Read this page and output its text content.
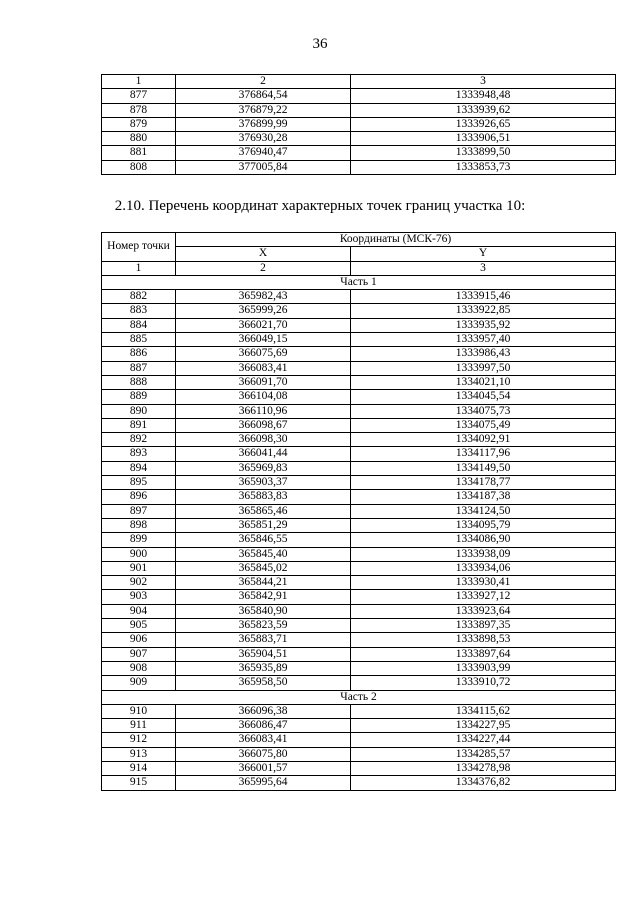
36
1	2	3
877	376864,54	1333948,48
878	376879,22	1333939,62
879	376899,99	1333926,65
880	376930,28	1333906,51
881	376940,47	1333899,50
808	377005,84	1333853,73
2.10. Перечень координат характерных точек границ участка 10:
Номер точки	Координаты (МСК-76)	
	X	Y
1	2	3
Часть 1		
882	365982,43	1333915,46
883	365999,26	1333922,85
884	366021,70	1333935,92
885	366049,15	1333957,40
886	366075,69	1333986,43
887	366083,41	1333997,50
888	366091,70	1334021,10
889	366104,08	1334045,54
890	366110,96	1334075,73
891	366098,67	1334075,49
892	366098,30	1334092,91
893	366041,44	1334117,96
894	365969,83	1334149,50
895	365903,37	1334178,77
896	365883,83	1334187,38
897	365865,46	1334124,50
898	365851,29	1334095,79
899	365846,55	1334086,90
900	365845,40	1333938,09
901	365845,02	1333934,06
902	365844,21	1333930,41
903	365842,91	1333927,12
904	365840,90	1333923,64
905	365823,59	1333897,35
906	365883,71	1333898,53
907	365904,51	1333897,64
908	365935,89	1333903,99
909	365958,50	1333910,72
Часть 2		
910	366096,38	1334115,62
911	366086,47	1334227,95
912	366083,41	1334227,44
913	366075,80	1334285,57
914	366001,57	1334278,98
915	365995,64	1334376,82
